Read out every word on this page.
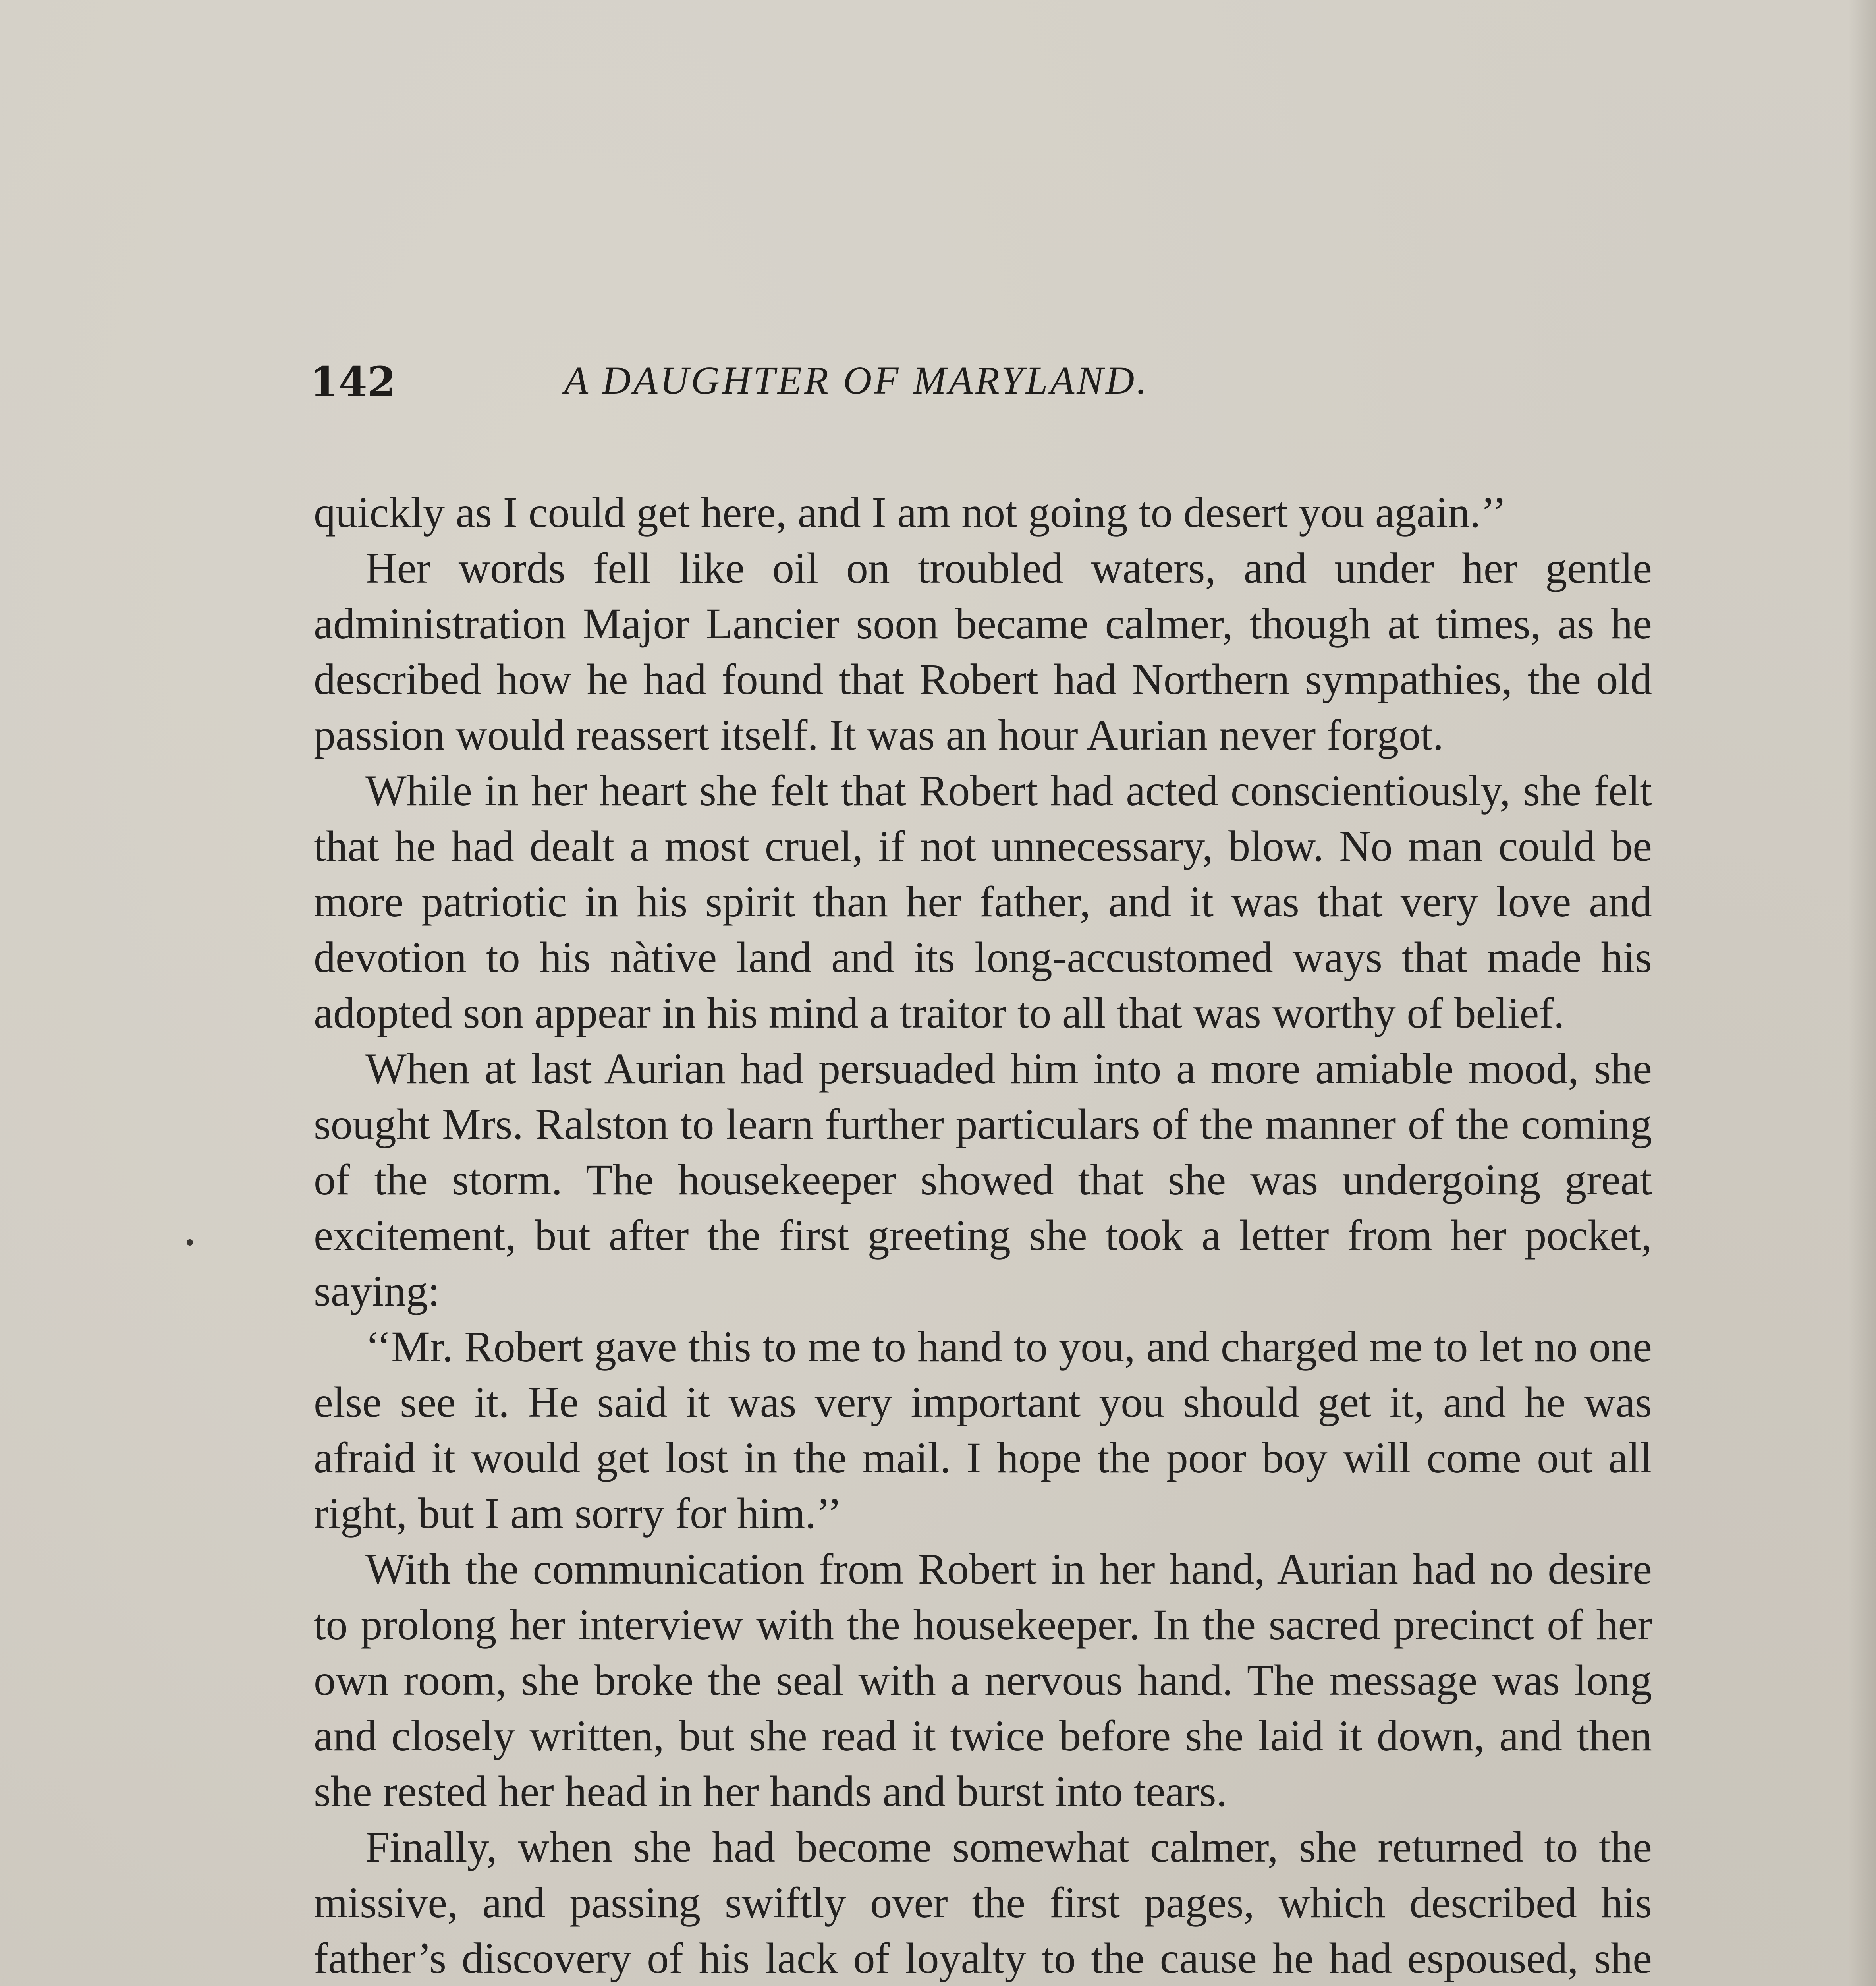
142	A DAUGHTER OF MARYLAND.

quickly as I could get here, and I am not going to desert you again.’’

Her words fell like oil on troubled waters, and under her gentle administration Major Lancier soon became calmer, though at times, as he described how he had found that Robert had Northern sympathies, the old passion would reassert itself. It was an hour Aurian never forgot.

While in her heart she felt that Robert had acted conscientiously, she felt that he had dealt a most cruel, if not unnecessary, blow. No man could be more patriotic in his spirit than her father, and it was that very love and devotion to his nàtive land and its long-accustomed ways that made his adopted son appear in his mind a traitor to all that was worthy of belief.

When at last Aurian had persuaded him into a more amiable mood, she sought Mrs. Ralston to learn further particulars of the manner of the coming of the storm. The housekeeper showed that she was undergoing great excitement, but after the first greeting she took a letter from her pocket, saying:

‘‘Mr. Robert gave this to me to hand to you, and charged me to let no one else see it. He said it was very important you should get it, and he was afraid it would get lost in the mail. I hope the poor boy will come out all right, but I am sorry for him.’’

With the communication from Robert in her hand, Aurian had no desire to prolong her interview with the housekeeper. In the sacred precinct of her own room, she broke the seal with a nervous hand. The message was long and closely written, but she read it twice before she laid it down, and then she rested her head in her hands and burst into tears.

Finally, when she had become somewhat calmer, she returned to the missive, and passing swiftly over the first pages, which described his father’s discovery of his lack of loyalty to the cause he had espoused, she
